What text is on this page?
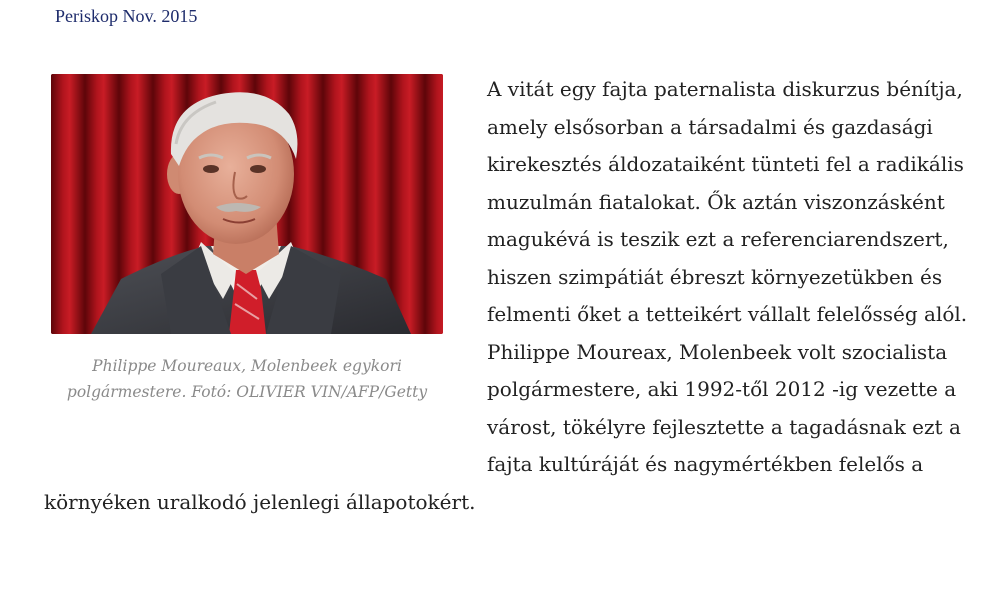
Periskop Nov. 2015
Philippe Moureaux, Molenbeek egykori polgármestere. Fotó: OLIVIER VIN/AFP/Getty

A vitát egy fajta paternalista diskurzus bénítja, amely elsősorban a társadalmi és gazdasági kirekesztés áldozataiként tünteti fel a radikális muzulmán fiatalokat. Ők aztán viszonzásként magukévá is teszik ezt a referenciarendszert, hiszen szimpátiát ébreszt környezetükben és felmenti őket a tetteikért vállalt felelősség alól. Philippe Moureax, Molenbeek volt szocialista polgármestere, aki 1992-től 2012 -ig vezette a várost, tökélyre fejlesztette a tagadásnak ezt a fajta kultúráját és nagymértékben felelős a környéken uralkodó jelenlegi állapotokért.
